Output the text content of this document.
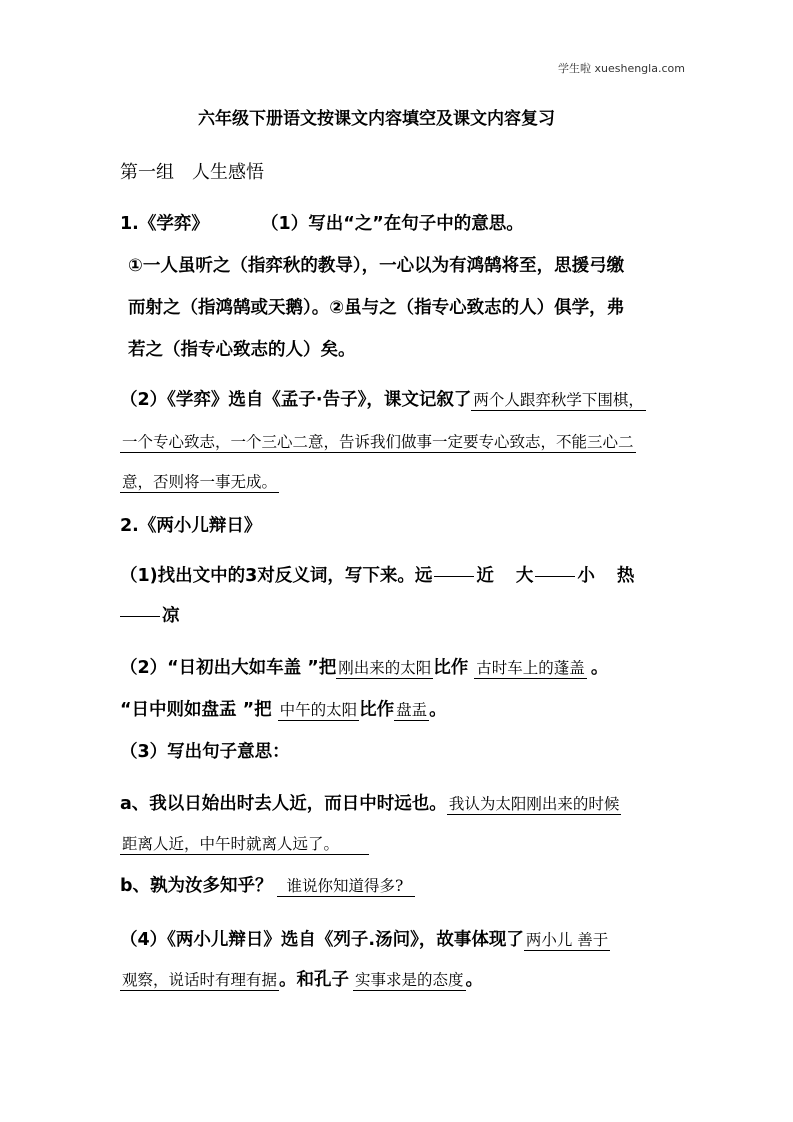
学生啦 xueshengla.com
六年级下册语文按课文内容填空及课文内容复习
第一组　人生感悟
1.《学弈》	（1）写出“之”在句子中的意思。
①一人虽听之（指弈秋的教导），一心以为有鸿鹄将至，思援弓缴
而射之（指鸿鹄或天鹅）。②虽与之（指专心致志的人）俱学，弗
若之（指专心致志的人）矣。
（2）《学弈》选自《孟子·告子》，课文记叙了 两个人跟弈秋学下围棋，
一个专心致志，一个三心二意，告诉我们做事一定要专心致志，不能三心二
意，否则将一事无成。
2.《两小儿辩日》
（1)找出文中的3对反义词，写下来。远	近 大	小 热
凉
（2）“日初出大如车盖 ”把 刚出来的太阳 比作 古时车上的蓬盖 。
“日中则如盘盂 ”把 中午的太阳 比作 盘盂 。
（3）写出句子意思：
a、我以日始出时去人近，而日中时远也。 我认为太阳刚出来的时候
距离人近，中午时就离人远了。
b、孰为汝多知乎？ 谁说你知道得多?
（4）《两小儿辩日》选自《列子.汤问》，故事体现了 两小儿 善于
观察，说话时有理有据 。和孔子 实事求是的态度 。
